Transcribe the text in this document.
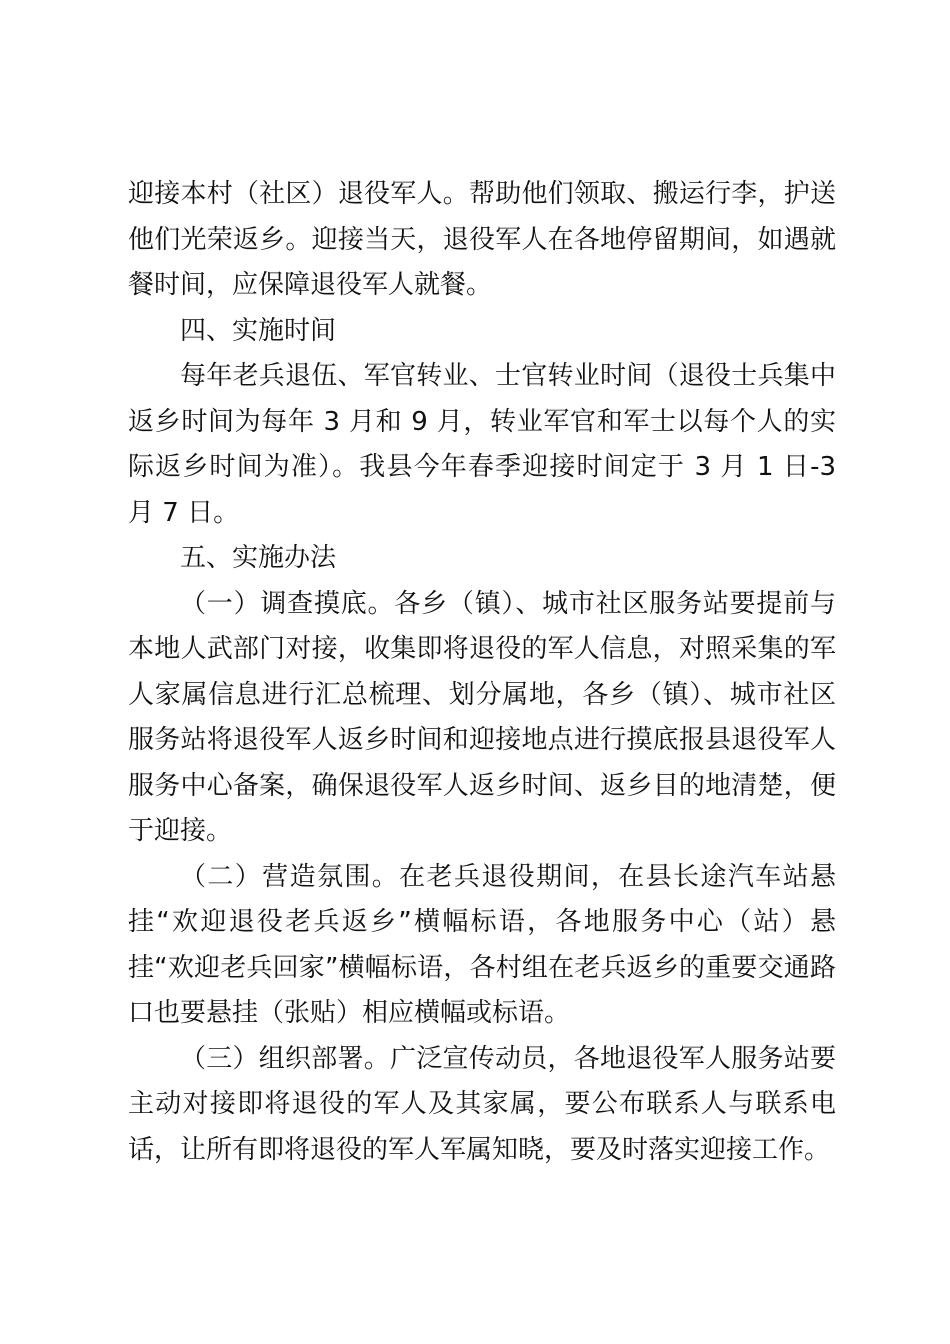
迎接本村（社区）退役军人。帮助他们领取、搬运行李，护送他们光荣返乡。迎接当天，退役军人在各地停留期间，如遇就餐时间，应保障退役军人就餐。

四、实施时间

每年老兵退伍、军官转业、士官转业时间（退役士兵集中返乡时间为每年 3 月和 9 月，转业军官和军士以每个人的实际返乡时间为准）。我县今年春季迎接时间定于 3 月 1 日-3 月 7 日。

五、实施办法

（一）调查摸底。各乡（镇）、城市社区服务站要提前与本地人武部门对接，收集即将退役的军人信息，对照采集的军人家属信息进行汇总梳理、划分属地，各乡（镇）、城市社区服务站将退役军人返乡时间和迎接地点进行摸底报县退役军人服务中心备案，确保退役军人返乡时间、返乡目的地清楚，便于迎接。

（二）营造氛围。在老兵退役期间，在县长途汽车站悬挂“欢迎退役老兵返乡”横幅标语，各地服务中心（站）悬挂“欢迎老兵回家”横幅标语，各村组在老兵返乡的重要交通路口也要悬挂（张贴）相应横幅或标语。

（三）组织部署。广泛宣传动员，各地退役军人服务站要主动对接即将退役的军人及其家属，要公布联系人与联系电话，让所有即将退役的军人军属知晓，要及时落实迎接工作。
